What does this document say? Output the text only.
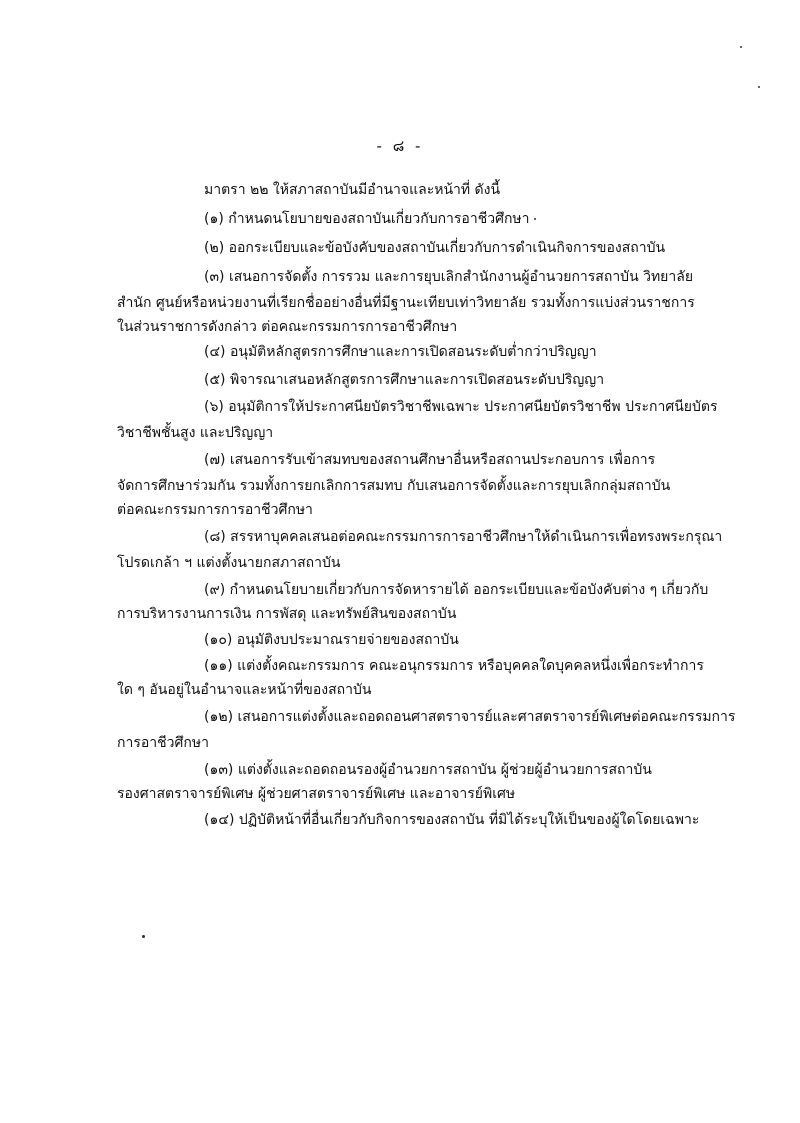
- ๘ -
มาตรา ๒๒ ให้สภาสถาบันมีอำนาจและหน้าที่ ดังนี้
(๑) กำหนดนโยบายของสถาบันเกี่ยวกับการอาชีวศึกษา
(๒) ออกระเบียบและข้อบังคับของสถาบันเกี่ยวกับการดำเนินกิจการของสถาบัน
(๓) เสนอการจัดตั้ง การรวม และการยุบเลิกสำนักงานผู้อำนวยการสถาบัน วิทยาลัย
สำนัก ศูนย์หรือหน่วยงานที่เรียกชื่ออย่างอื่นที่มีฐานะเทียบเท่าวิทยาลัย รวมทั้งการแบ่งส่วนราชการ
ในส่วนราชการดังกล่าว ต่อคณะกรรมการการอาชีวศึกษา
(๔) อนุมัติหลักสูตรการศึกษาและการเปิดสอนระดับต่ำกว่าปริญญา
(๕) พิจารณาเสนอหลักสูตรการศึกษาและการเปิดสอนระดับปริญญา
(๖) อนุมัติการให้ประกาศนียบัตรวิชาชีพเฉพาะ ประกาศนียบัตรวิชาชีพ ประกาศนียบัตร
วิชาชีพชั้นสูง และปริญญา
(๗) เสนอการรับเข้าสมทบของสถานศึกษาอื่นหรือสถานประกอบการ เพื่อการ
จัดการศึกษาร่วมกัน รวมทั้งการยกเลิกการสมทบ กับเสนอการจัดตั้งและการยุบเลิกกลุ่มสถาบัน
ต่อคณะกรรมการการอาชีวศึกษา
(๘) สรรหาบุคคลเสนอต่อคณะกรรมการการอาชีวศึกษาให้ดำเนินการเพื่อทรงพระกรุณา
โปรดเกล้า ฯ แต่งตั้งนายกสภาสถาบัน
(๙) กำหนดนโยบายเกี่ยวกับการจัดหารายได้ ออกระเบียบและข้อบังคับต่าง ๆ เกี่ยวกับ
การบริหารงานการเงิน การพัสดุ และทรัพย์สินของสถาบัน
(๑๐) อนุมัติงบประมาณรายจ่ายของสถาบัน
(๑๑) แต่งตั้งคณะกรรมการ คณะอนุกรรมการ หรือบุคคลใดบุคคลหนึ่งเพื่อกระทำการ
ใด ๆ อันอยู่ในอำนาจและหน้าที่ของสถาบัน
(๑๒) เสนอการแต่งตั้งและถอดถอนศาสตราจารย์และศาสตราจารย์พิเศษต่อคณะกรรมการ
การอาชีวศึกษา
(๑๓) แต่งตั้งและถอดถอนรองผู้อำนวยการสถาบัน ผู้ช่วยผู้อำนวยการสถาบัน
รองศาสตราจารย์พิเศษ ผู้ช่วยศาสตราจารย์พิเศษ และอาจารย์พิเศษ
(๑๔) ปฏิบัติหน้าที่อื่นเกี่ยวกับกิจการของสถาบัน ที่มิได้ระบุให้เป็นของผู้ใดโดยเฉพาะ
